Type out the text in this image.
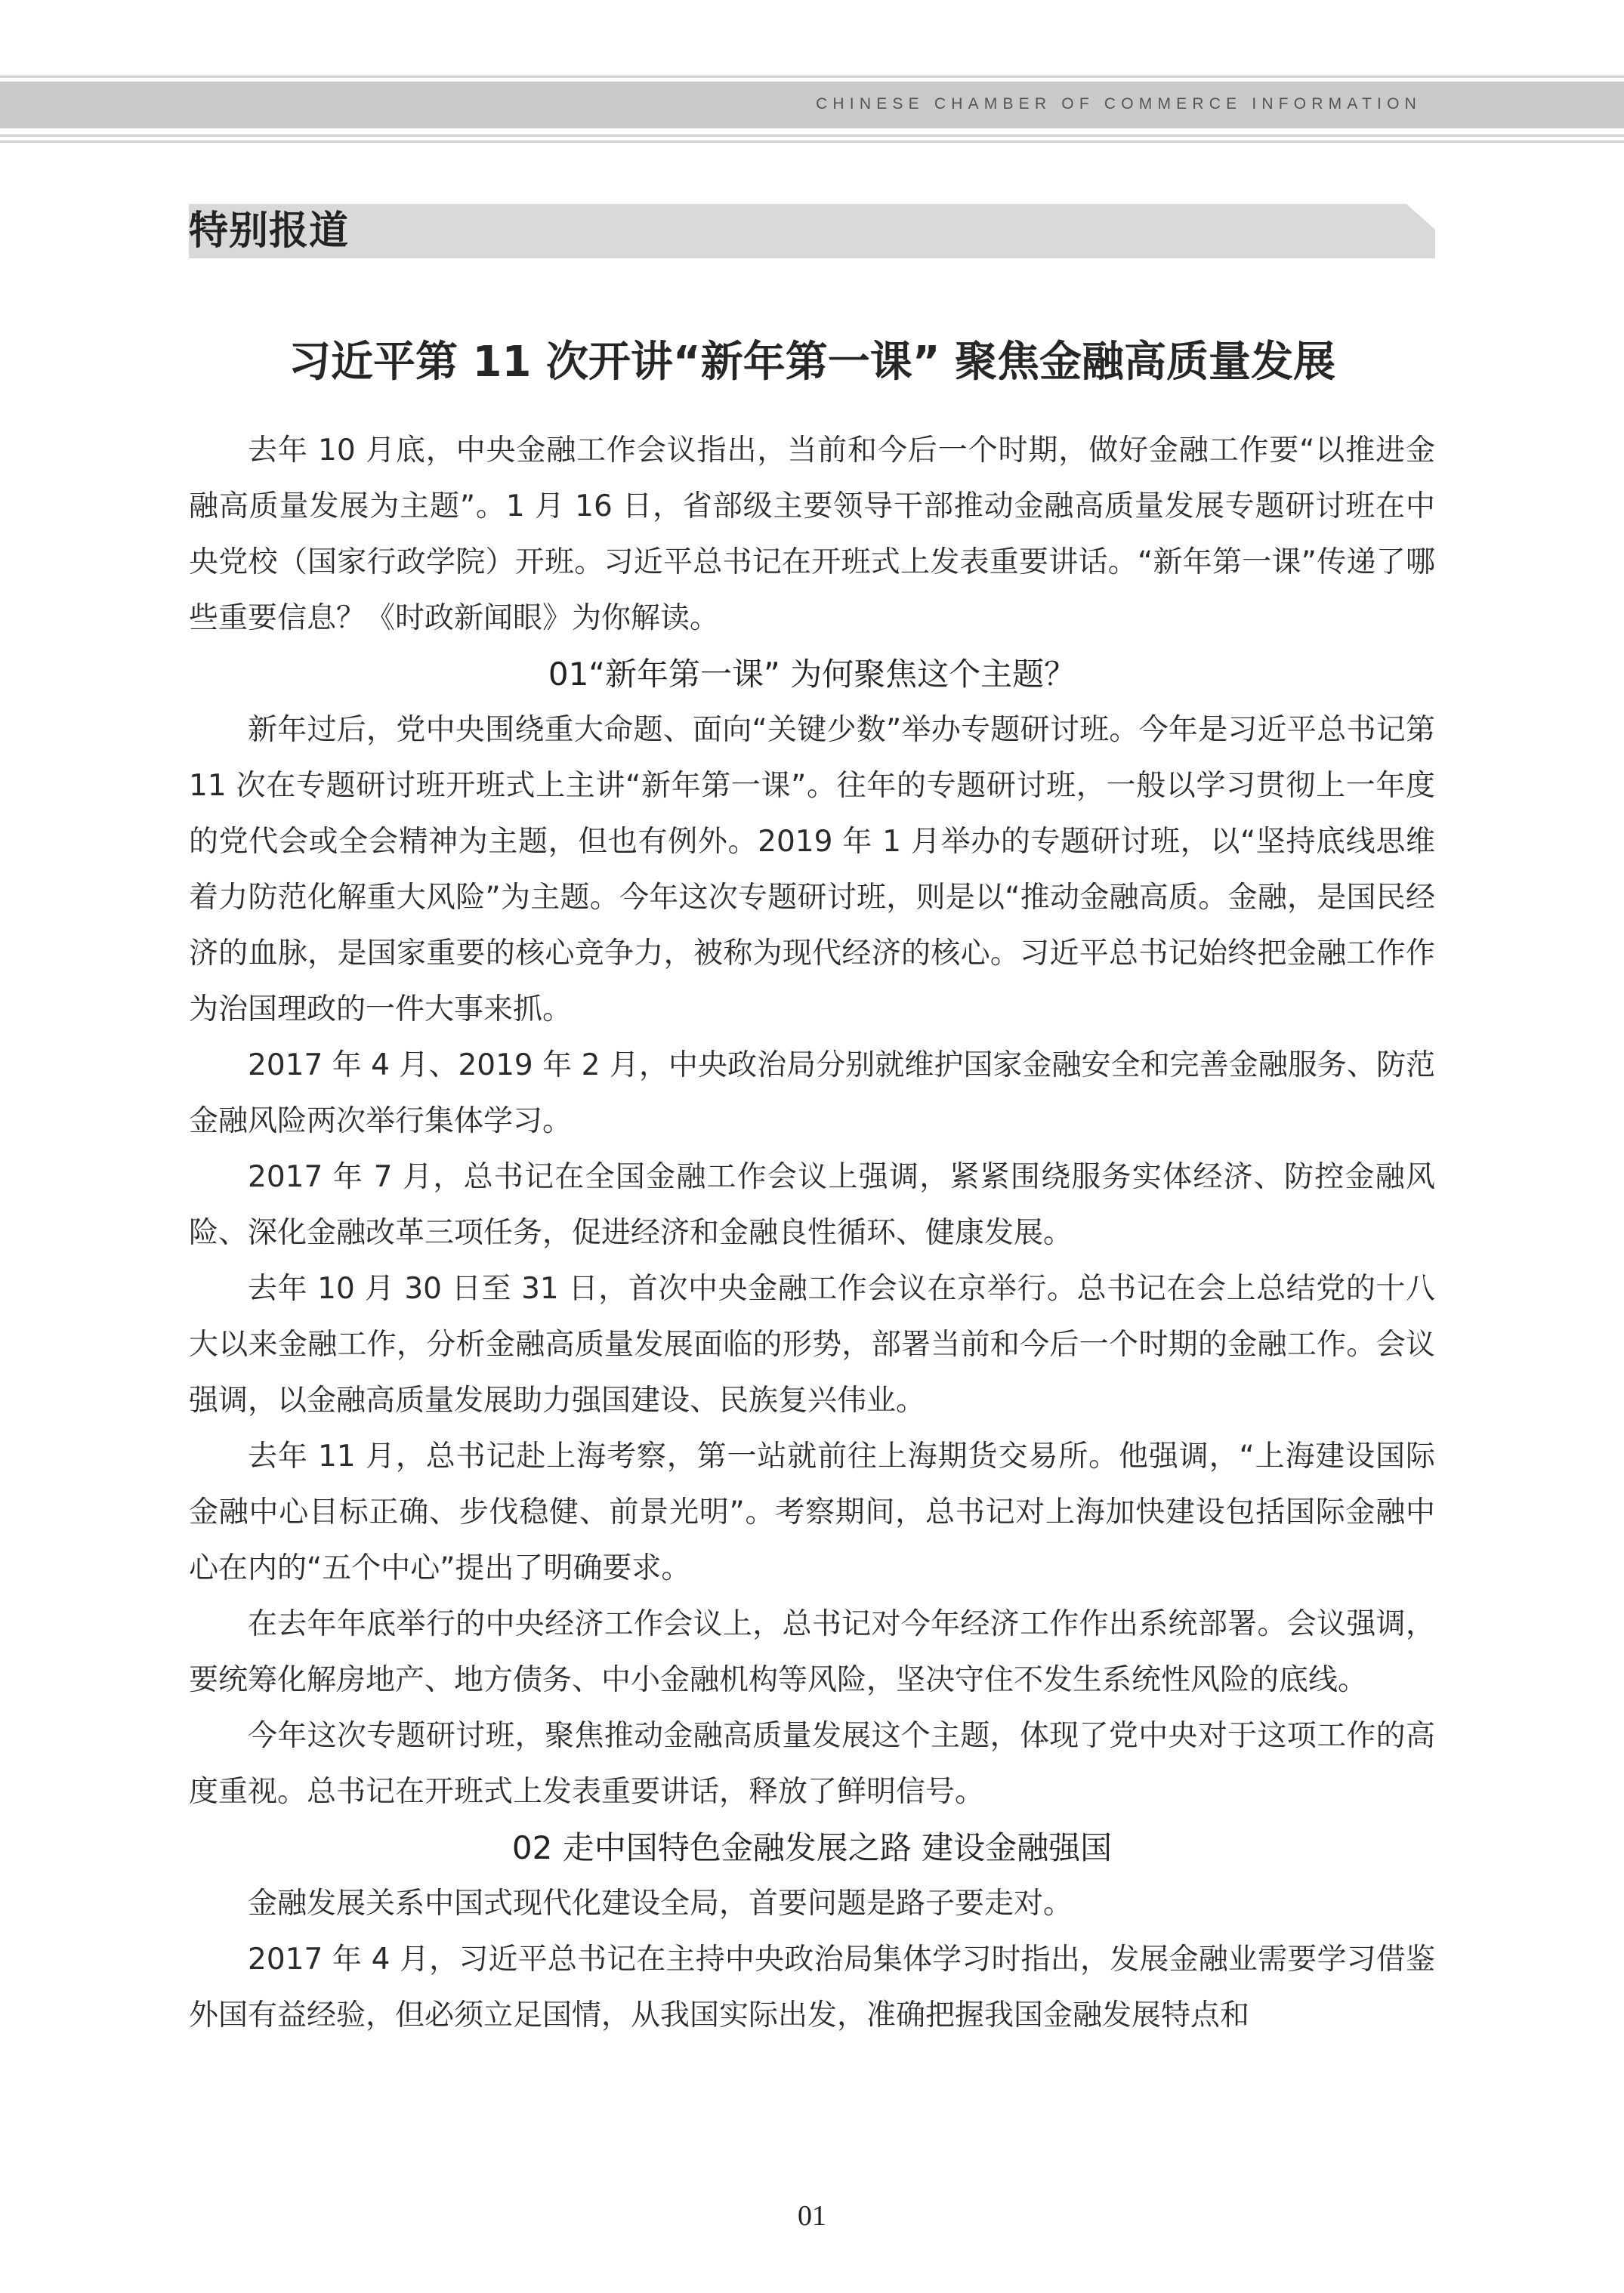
CHINESE CHAMBER OF COMMERCE INFORMATION
特别报道
习近平第 11 次开讲“新年第一课” 聚焦金融高质量发展

去年 10 月底，中央金融工作会议指出，当前和今后一个时期，做好金融工作要“以推进金融高质量发展为主题”。1 月 16 日，省部级主要领导干部推动金融高质量发展专题研讨班在中央党校（国家行政学院）开班。习近平总书记在开班式上发表重要讲话。“新年第一课”传递了哪些重要信息？《时政新闻眼》为你解读。

01“新年第一课” 为何聚焦这个主题？

新年过后，党中央围绕重大命题、面向“关键少数”举办专题研讨班。今年是习近平总书记第 11 次在专题研讨班开班式上主讲“新年第一课”。往年的专题研讨班，一般以学习贯彻上一年度的党代会或全会精神为主题，但也有例外。2019 年 1 月举办的专题研讨班，以“坚持底线思维着力防范化解重大风险”为主题。今年这次专题研讨班，则是以“推动金融高质。金融，是国民经济的血脉，是国家重要的核心竞争力，被称为现代经济的核心。习近平总书记始终把金融工作作为治国理政的一件大事来抓。

2017 年 4 月、2019 年 2 月，中央政治局分别就维护国家金融安全和完善金融服务、防范金融风险两次举行集体学习。

2017 年 7 月，总书记在全国金融工作会议上强调，紧紧围绕服务实体经济、防控金融风险、深化金融改革三项任务，促进经济和金融良性循环、健康发展。

去年 10 月 30 日至 31 日，首次中央金融工作会议在京举行。总书记在会上总结党的十八大以来金融工作，分析金融高质量发展面临的形势，部署当前和今后一个时期的金融工作。会议强调，以金融高质量发展助力强国建设、民族复兴伟业。

去年 11 月，总书记赴上海考察，第一站就前往上海期货交易所。他强调，“上海建设国际金融中心目标正确、步伐稳健、前景光明”。考察期间，总书记对上海加快建设包括国际金融中心在内的“五个中心”提出了明确要求。

在去年年底举行的中央经济工作会议上，总书记对今年经济工作作出系统部署。会议强调，要统筹化解房地产、地方债务、中小金融机构等风险，坚决守住不发生系统性风险的底线。

今年这次专题研讨班，聚焦推动金融高质量发展这个主题，体现了党中央对于这项工作的高度重视。总书记在开班式上发表重要讲话，释放了鲜明信号。

02 走中国特色金融发展之路 建设金融强国

金融发展关系中国式现代化建设全局，首要问题是路子要走对。

2017 年 4 月，习近平总书记在主持中央政治局集体学习时指出，发展金融业需要学习借鉴外国有益经验，但必须立足国情，从我国实际出发，准确把握我国金融发展特点和

01
